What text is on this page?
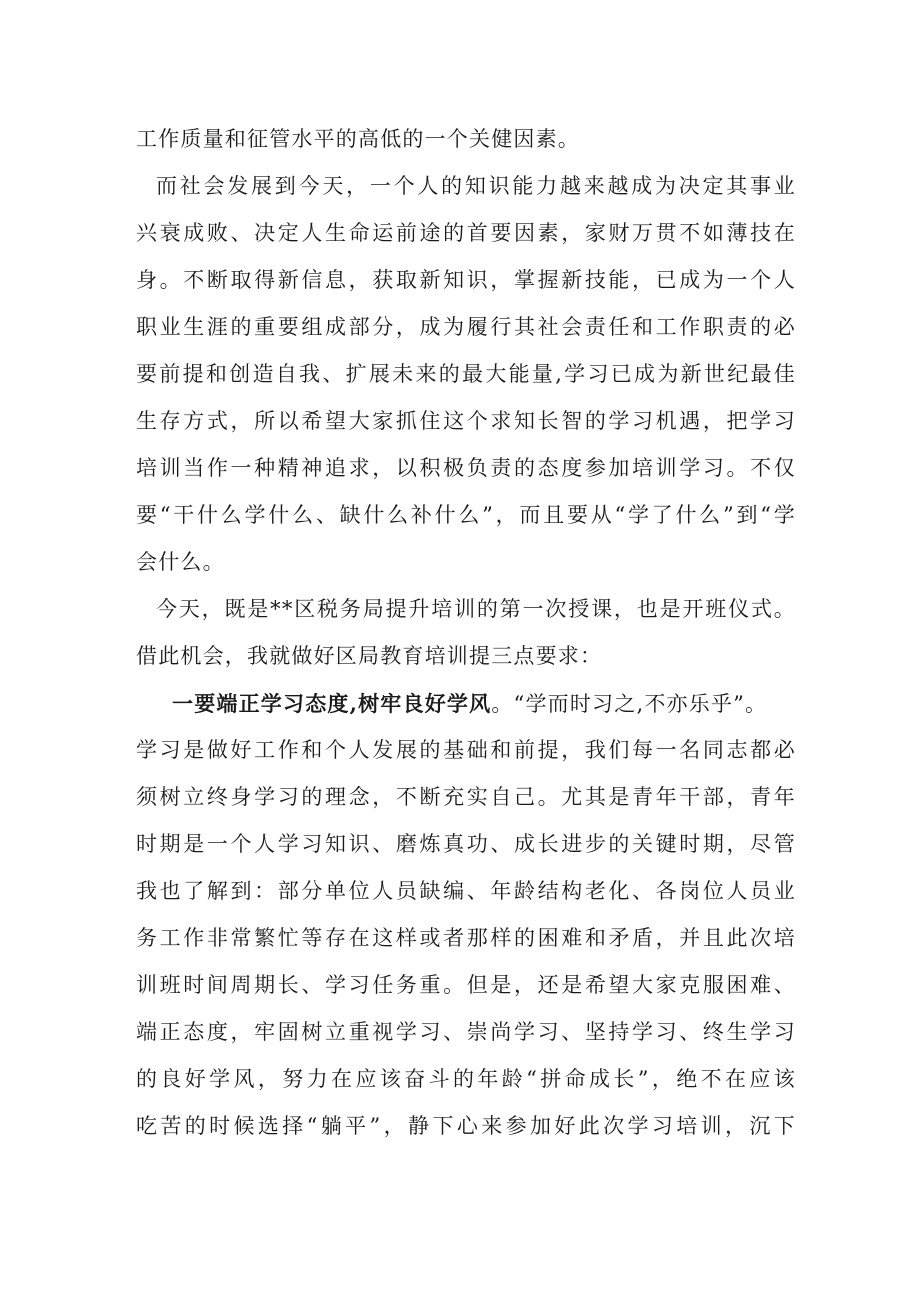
工作质量和征管水平的高低的一个关健因素。
而社会发展到今天，一个人的知识能力越来越成为决定其事业
兴衰成败、决定人生命运前途的首要因素，家财万贯不如薄技在
身。不断取得新信息，获取新知识，掌握新技能，已成为一个人
职业生涯的重要组成部分，成为履行其社会责任和工作职责的必
要前提和创造自我、扩展未来的最大能量,学习已成为新世纪最佳
生存方式，所以希望大家抓住这个求知长智的学习机遇，把学习
培训当作一种精神追求，以积极负责的态度参加培训学习。不仅
要“干什么学什么、缺什么补什么”，而且要从“学了什么”到“学
会什么。
今天，既是**区税务局提升培训的第一次授课，也是开班仪式。
借此机会，我就做好区局教育培训提三点要求：
一要端正学习态度,树牢良好学风。“学而时习之,不亦乐乎”。
学习是做好工作和个人发展的基础和前提，我们每一名同志都必
须树立终身学习的理念，不断充实自己。尤其是青年干部，青年
时期是一个人学习知识、磨炼真功、成长进步的关键时期，尽管
我也了解到：部分单位人员缺编、年龄结构老化、各岗位人员业
务工作非常繁忙等存在这样或者那样的困难和矛盾，并且此次培
训班时间周期长、学习任务重。但是，还是希望大家克服困难、
端正态度，牢固树立重视学习、崇尚学习、坚持学习、终生学习
的良好学风，努力在应该奋斗的年龄“拼命成长”，绝不在应该
吃苦的时候选择“躺平”，静下心来参加好此次学习培训，沉下
